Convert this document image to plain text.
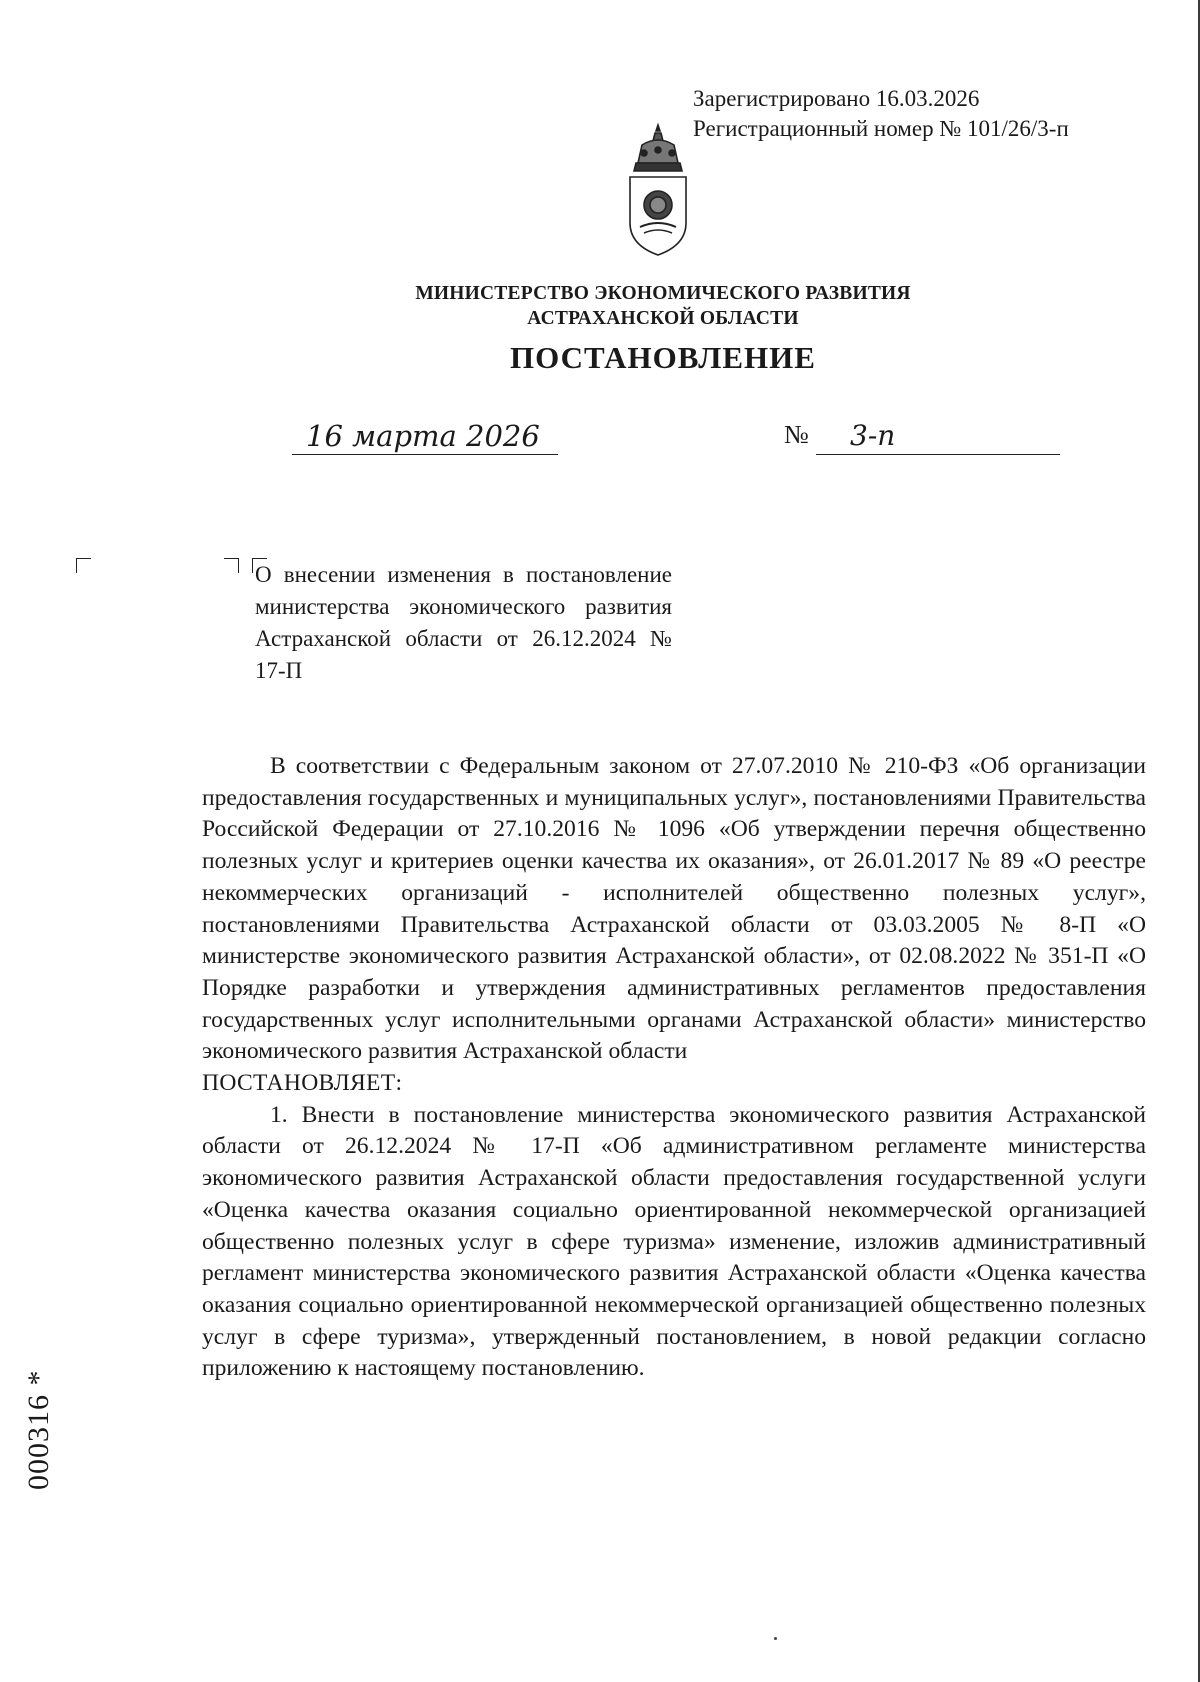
Зарегистрировано 16.03.2026
Регистрационный номер № 101/26/3-п
МИНИСТЕРСТВО ЭКОНОМИЧЕСКОГО РАЗВИТИЯ
АСТРАХАНСКОЙ ОБЛАСТИ
ПОСТАНОВЛЕНИЕ
16 марта 2026	№	3-п

О внесении изменения в постановление министерства экономического развития Астраханской области от 26.12.2024 № 17-П

В соответствии с Федеральным законом от 27.07.2010 № 210-ФЗ «Об организации предоставления государственных и муниципальных услуг», постановлениями Правительства Российской Федерации от 27.10.2016 № 1096 «Об утверждении перечня общественно полезных услуг и критериев оценки качества их оказания», от 26.01.2017 № 89 «О реестре некоммерческих организаций - исполнителей общественно полезных услуг», постановлениями Правительства Астраханской области от 03.03.2005 № 8-П «О министерстве экономического развития Астраханской области», от 02.08.2022 № 351-П «О Порядке разработки и утверждения административных регламентов предоставления государственных услуг исполнительными органами Астраханской области» министерство экономического развития Астраханской области

ПОСТАНОВЛЯЕТ:

1. Внести в постановление министерства экономического развития Астраханской области от 26.12.2024 № 17-П «Об административном регламенте министерства экономического развития Астраханской области предоставления государственной услуги «Оценка качества оказания социально ориентированной некоммерческой организацией общественно полезных услуг в сфере туризма» изменение, изложив административный регламент министерства экономического развития Астраханской области «Оценка качества оказания социально ориентированной некоммерческой организацией общественно полезных услуг в сфере туризма», утвержденный постановлением, в новой редакции согласно приложению к настоящему постановлению.

000316 *
